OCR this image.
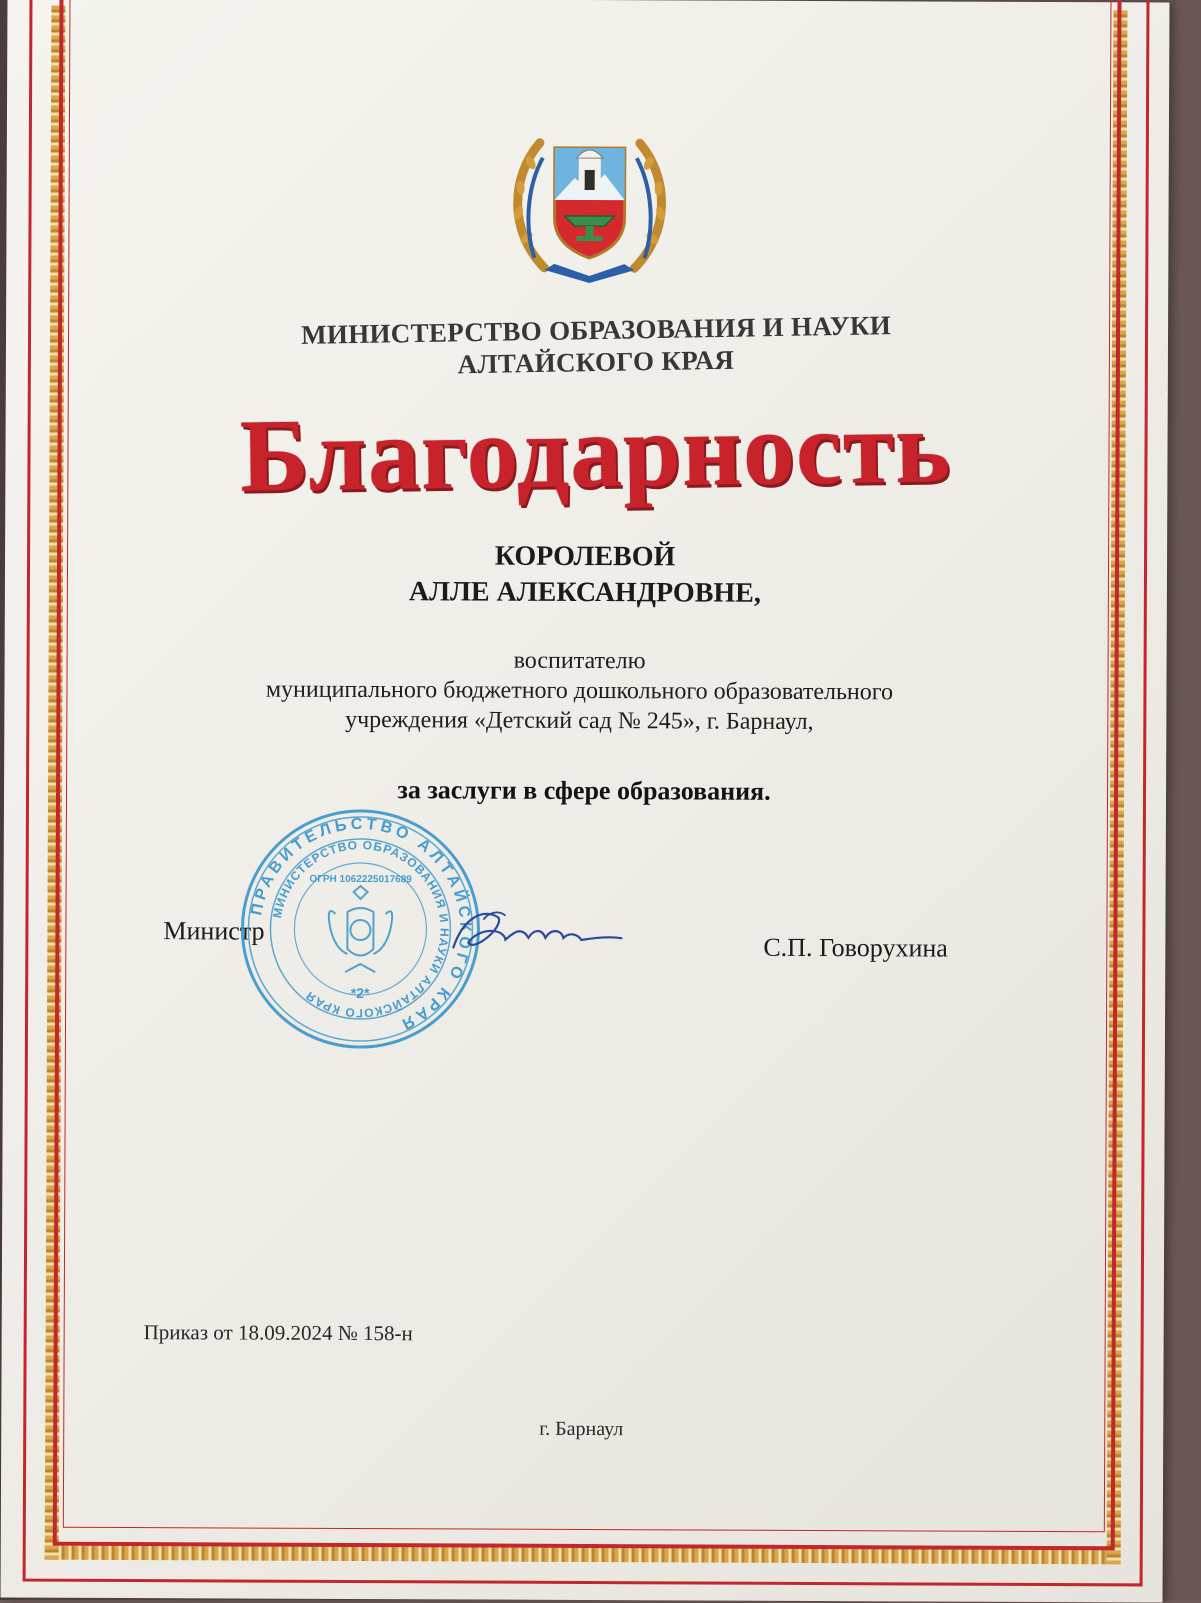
МИНИСТЕРСТВО ОБРАЗОВАНИЯ И НАУКИ
АЛТАЙСКОГО КРАЯ
Благодарность
КОРОЛЕВОЙ
АЛЛЕ АЛЕКСАНДРОВНЕ,
воспитателю
муниципального бюджетного дошкольного образовательного
учреждения «Детский сад № 245», г. Барнаул,
за заслуги в сфере образования.
Министр
ПРАВИТЕЛЬСТВО АЛТАЙСКОГО КРАЯ
МИНИСТЕРСТВО ОБРАЗОВАНИЯ И НАУКИ АЛТАЙСКОГО КРАЯ
ОГРН 1062225017689
*2*
С.П. Говорухина
Приказ от 18.09.2024 № 158-н
г. Барнаул
